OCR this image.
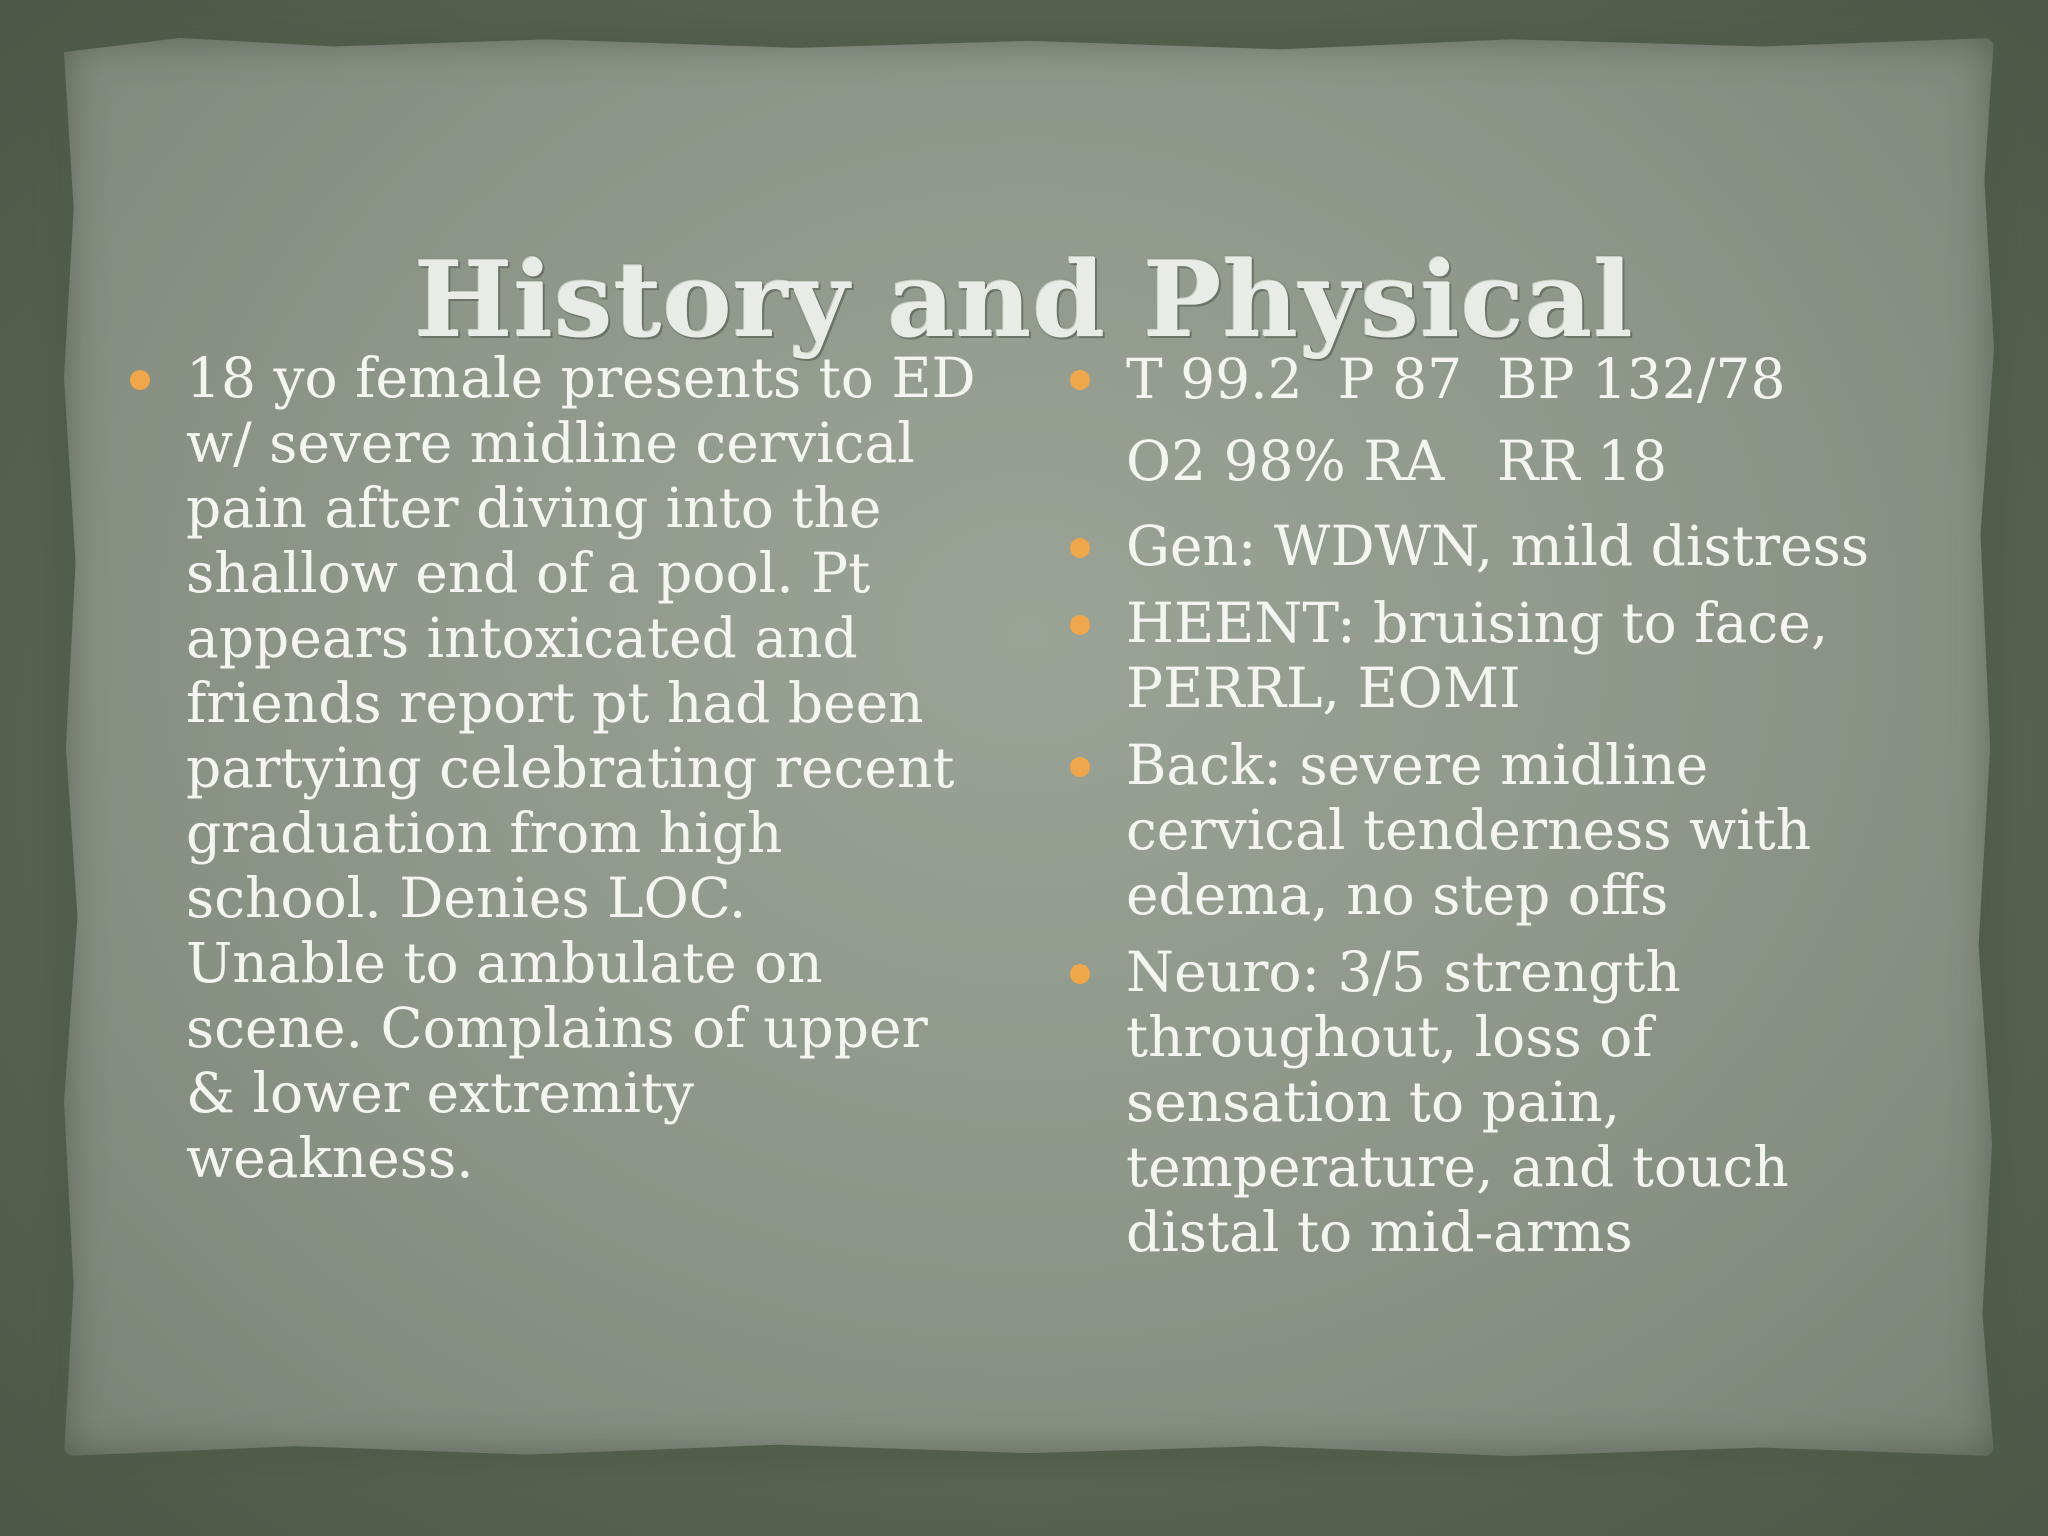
History and Physical
18 yo female presents to ED
w/ severe midline cervical
pain after diving into the
shallow end of a pool. Pt
appears intoxicated and
friends report pt had been
partying celebrating recent
graduation from high
school. Denies LOC.
Unable to ambulate on
scene. Complains of upper
& lower extremity
weakness.
T 99.2  P 87  BP 132/78
O2 98% RA   RR 18
Gen: WDWN, mild distress
HEENT: bruising to face,
PERRL, EOMI
Back: severe midline
cervical tenderness with
edema, no step offs
Neuro: 3/5 strength
throughout, loss of
sensation to pain,
temperature, and touch
distal to mid-arms
